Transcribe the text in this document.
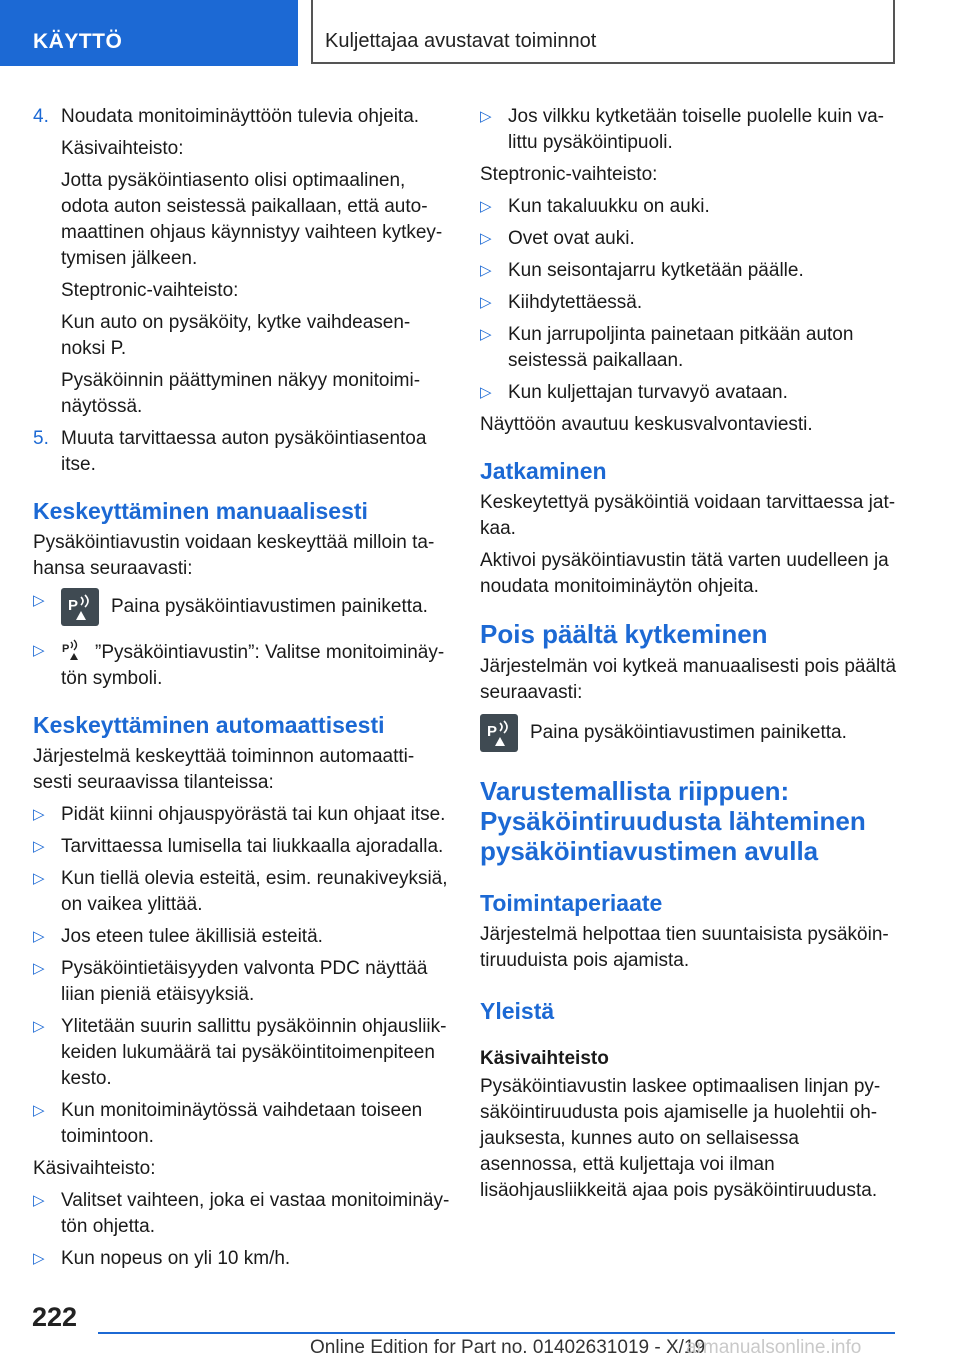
KÄYTTÖ	Kuljettajaa avustavat toiminnot
4. Noudata monitoiminäyttöön tulevia ohjeita.
Käsivaihteisto:
Jotta pysäköintiasento olisi optimaalinen, odota auton seistessä paikallaan, että auto-maattinen ohjaus käynnistyy vaihteen kytkey-tymisen jälkeen.
Steptronic-vaihteisto:
Kun auto on pysäköity, kytke vaihdeasen-noksi P.
Pysäköinnin päättyminen näkyy monitoimi-näytössä.
5. Muuta tarvittaessa auton pysäköintiasentoa itse.
Keskeyttäminen manuaalisesti
Pysäköintiavustin voidaan keskeyttää milloin ta-hansa seuraavasti:
▷ P Paina pysäköintiavustimen painiketta.
▷ P ”Pysäköintiavustin”: Valitse monitoiminäy-tön symboli.
Keskeyttäminen automaattisesti
Järjestelmä keskeyttää toiminnon automaatti-sesti seuraavissa tilanteissa:
▷ Pidät kiinni ohjauspyörästä tai kun ohjaat itse.
▷ Tarvittaessa lumisella tai liukkaalla ajoradalla.
▷ Kun tiellä olevia esteitä, esim. reunakiveyksiä, on vaikea ylittää.
▷ Jos eteen tulee äkillisiä esteitä.
▷ Pysäköintietäisyyden valvonta PDC näyttää liian pieniä etäisyyksiä.
▷ Ylitetään suurin sallittu pysäköinnin ohjausliik-keiden lukumäärä tai pysäköintitoimenpiteen kesto.
▷ Kun monitoiminäytössä vaihdetaan toiseen toimintoon.
Käsivaihteisto:
▷ Valitset vaihteen, joka ei vastaa monitoiminäy-tön ohjetta.
▷ Kun nopeus on yli 10 km/h.
▷ Jos vilkku kytketään toiselle puolelle kuin va-littu pysäköintipuoli.
Steptronic-vaihteisto:
▷ Kun takaluukku on auki.
▷ Ovet ovat auki.
▷ Kun seisontajarru kytketään päälle.
▷ Kiihdytettäessä.
▷ Kun jarrupoljinta painetaan pitkään auton seistessä paikallaan.
▷ Kun kuljettajan turvavyö avataan.
Näyttöön avautuu keskusvalvontaviesti.
Jatkaminen
Keskeytettyä pysäköintiä voidaan tarvittaessa jat-kaa.
Aktivoi pysäköintiavustin tätä varten uudelleen ja noudata monitoiminäytön ohjeita.
Pois päältä kytkeminen
Järjestelmän voi kytkeä manuaalisesti pois päältä seuraavasti:
P Paina pysäköintiavustimen painiketta.
Varustemallista riippuen:
Pysäköintiruudusta lähteminen
pysäköintiavustimen avulla
Toimintaperiaate
Järjestelmä helpottaa tien suuntaisista pysäköin-tiruuduista pois ajamista.
Yleistä
Käsivaihteisto
Pysäköintiavustin laskee optimaalisen linjan py-säköintiruudusta pois ajamiselle ja huolehtii oh-jauksesta, kunnes auto on sellaisessa asennossa, että kuljettaja voi ilman lisäohjausliikkeitä ajaa pois pysäköintiruudusta.
222
Online Edition for Part no. 01402631019 - X/19
armanualsonline.info
